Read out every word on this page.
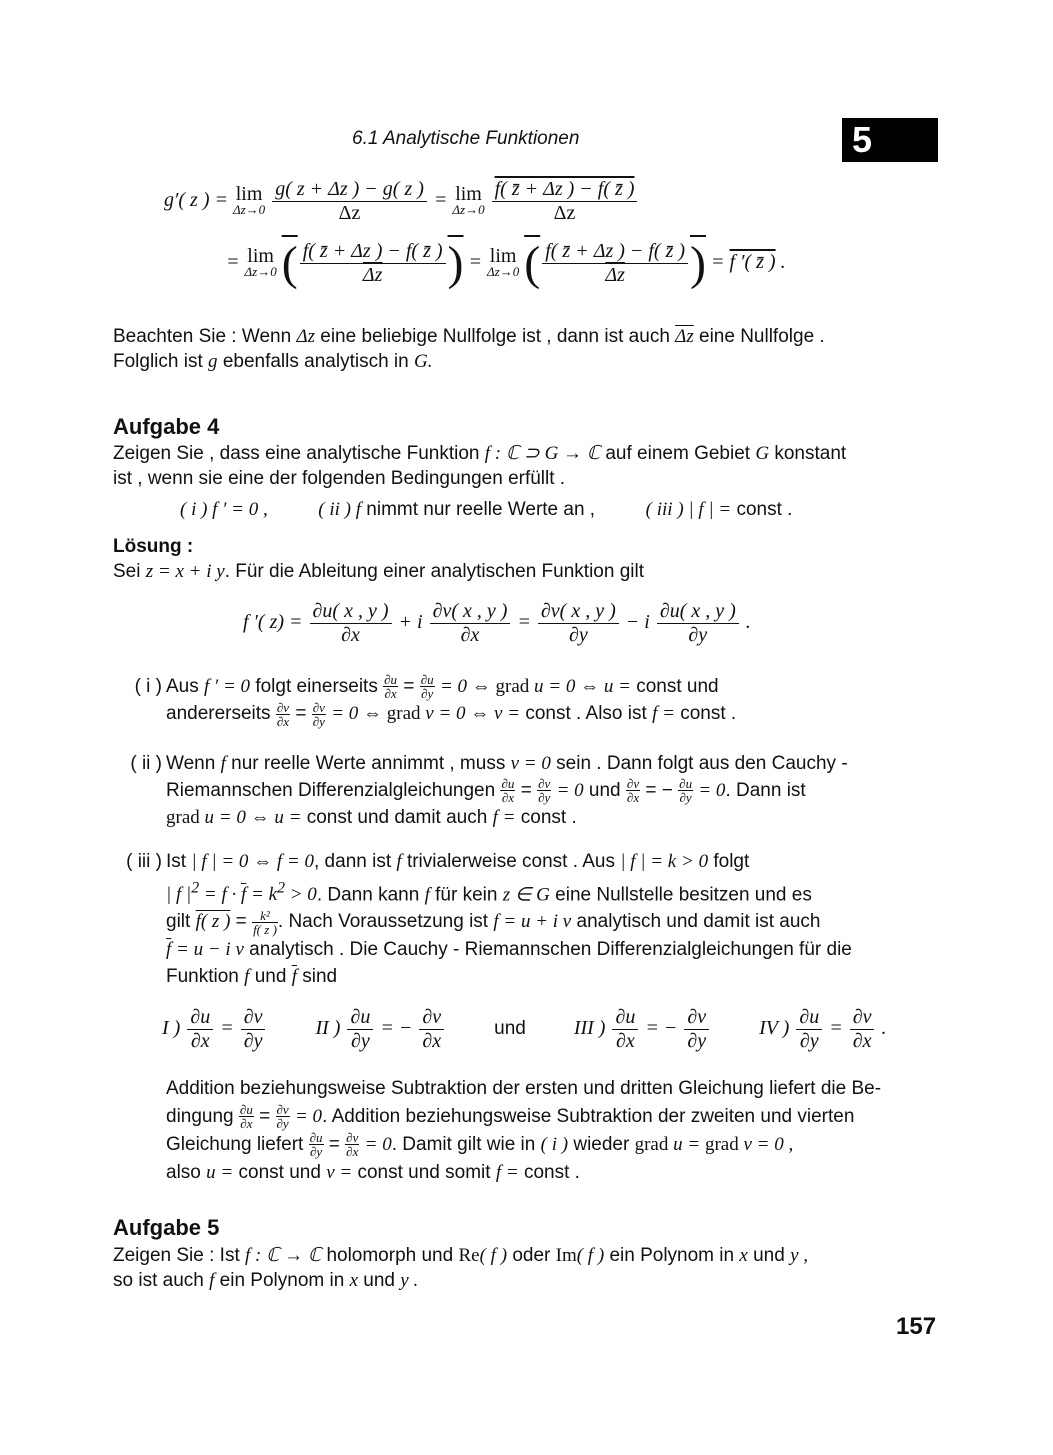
6.1 Analytische Funktionen	5
g′( z ) = lim
Δz→0
$\frac{g( z + \Delta z ) - g( z )}{\Delta z} = \lim$
Δz→0
$\frac{f( z̄ + \Delta z ) - f( z̄ )}{\Delta z}$
= lim
Δz→0 ( $\frac{f( z̄ + \Delta z ) - f( z̄ )}{\Delta z}$ ) = lim
Δz→0 ( $\frac{f( z̄ + \Delta z ) - f( z̄ )}{\Delta z}$ ) = f ′( z̄ ) .
Beachten Sie : Wenn Δz eine beliebige Nullfolge ist , dann ist auch $\overline{\Delta z}$ eine Nullfolge .
Folglich ist g ebenfalls analytisch in G.
Aufgabe 4
Zeigen Sie , dass eine analytische Funktion f : ℂ ⊃ G → ℂ auf einem Gebiet G konstant
ist , wenn sie eine der folgenden Bedingungen erfüllt .
( i ) f ′ = 0 ,	( ii ) f nimmt nur reelle Werte an ,	( iii ) | f | = const .
Lösung :
Sei z = x + i y. Für die Ableitung einer analytischen Funktion gilt
f ′( $z) = \frac{\partial u( x , y )}{\partial x} + i \frac{\partial v( x , y )}{\partial x} = \frac{\partial v( x , y )}{\partial y} - i \frac{\partial u( x , y )}{\partial y}$ .
( i ) Aus f ′ = 0 folgt einerseits $\frac{\partial u}{\partial x} = \frac{\partial u}{\partial y} = 0$ ⇔ grad u = 0 ⇔ u = const und
andererseits $\frac{\partial v}{\partial x} = \frac{\partial v}{\partial y} = 0$ ⇔ grad v = 0 ⇔ v = const . Also ist f = const .
( ii ) Wenn f nur reelle Werte annimmt , muss v = 0 sein . Dann folgt aus den Cauchy -
Riemannschen Differenzialgleichungen $\frac{\partial u}{\partial x} = \frac{\partial v}{\partial y} = 0$ und $\frac{\partial v}{\partial x}$ = − $\frac{\partial u}{\partial y} = 0$. Dann ist
grad u = 0 ⇔ u = const und damit auch f = const .
( iii ) Ist | f | = 0 ⇔ f = 0, dann ist f trivialerweise const . Aus | f | = k > 0 folgt
| f $|^2 = f \cdot \overline{f} = k^2 > 0$. Dann kann f für kein z ∈ G eine Nullstelle besitzen und es
gilt f( z ) = $\frac{\text{k²}}{f( z )}$ . Nach Voraussetzung ist f = u + i v analytisch und damit ist auch
$\overline{f} = u - i$ v analytisch . Die Cauchy - Riemannschen Differenzialgleichungen für die
Funktion f und $\overline{f}$ sind
I ) $\frac{\partial u}{\partial x} = \frac{\partial v}{\partial y}$ II ) $\frac{\partial u}{\partial y}$ = − $\frac{\partial v}{\partial x}$	und  III ) $\frac{\partial u}{\partial x}$ = − $\frac{\partial v}{\partial y}$ IV ) $\frac{\partial u}{\partial y} = \frac{\partial v}{\partial x}$ .
Addition beziehungsweise Subtraktion der ersten und dritten Gleichung liefert die Be-
dingung $\frac{\partial u}{\partial x} = \frac{\partial v}{\partial y} = 0$. Addition beziehungsweise Subtraktion der zweiten und vierten
Gleichung liefert $\frac{\partial u}{\partial y} = \frac{\partial v}{\partial x} = 0$. Damit gilt wie in ( i ) wieder grad u = grad v = 0 ,
also u = const und v = const und somit f = const .
Aufgabe 5
Zeigen Sie : Ist f : ℂ → ℂ holomorph und Re( f ) oder Im( f ) ein Polynom in x und y ,
so ist auch f ein Polynom in x und y .
157
